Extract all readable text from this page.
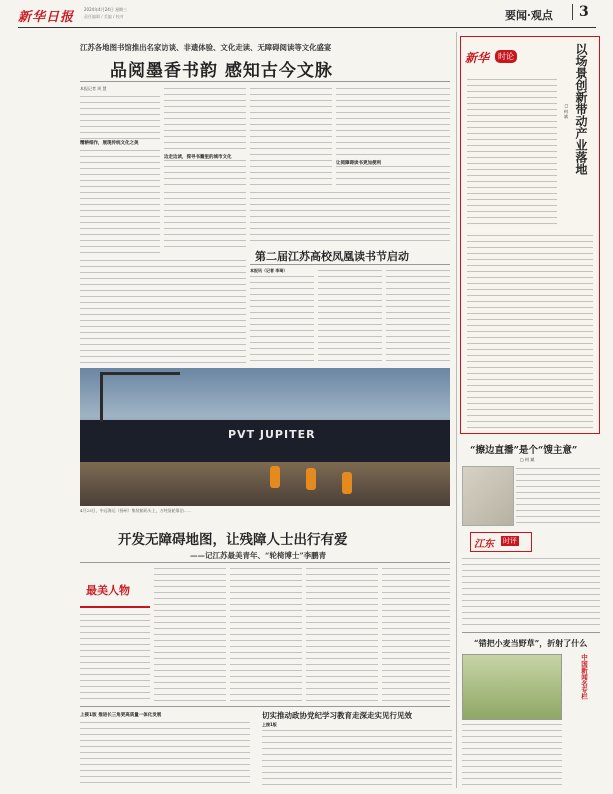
新华日报
2024年4月24日 星期三
责任编辑 / 美编 / 校对	要闻·观点	3
江苏各地图书馆推出名家访谈、非遗体验、文化走读、无障碍阅读等文化盛宴
品阅墨香书韵 感知古今文脉
本报记者 周 慧
精耕细作，展现传统文化之美
边走边读，探寻书籍里的城市文化
让阅障碍读书更加便利
第二届江苏高校凤凰读书节启动
本报讯（记者 李琦）
PVT JUPITER
4月23日，中远海运（扬州）集装箱码头上，万吨货轮靠泊……
开发无障碍地图，让残障人士出行有爱
——记江苏最美青年、“轮椅博士”李鹏青
最美人物
上接1版 推进长三角更高质量一体化发展	切实推动政协党纪学习教育走深走实见行见效
上接1版
新华	时论	以场景创新带动产业落地
□ 何 斌
“擦边直播”是个“馊主意”
□ 何 斌
江东 时评
“错把小麦当野草”，折射了什么
中国新闻名专栏
